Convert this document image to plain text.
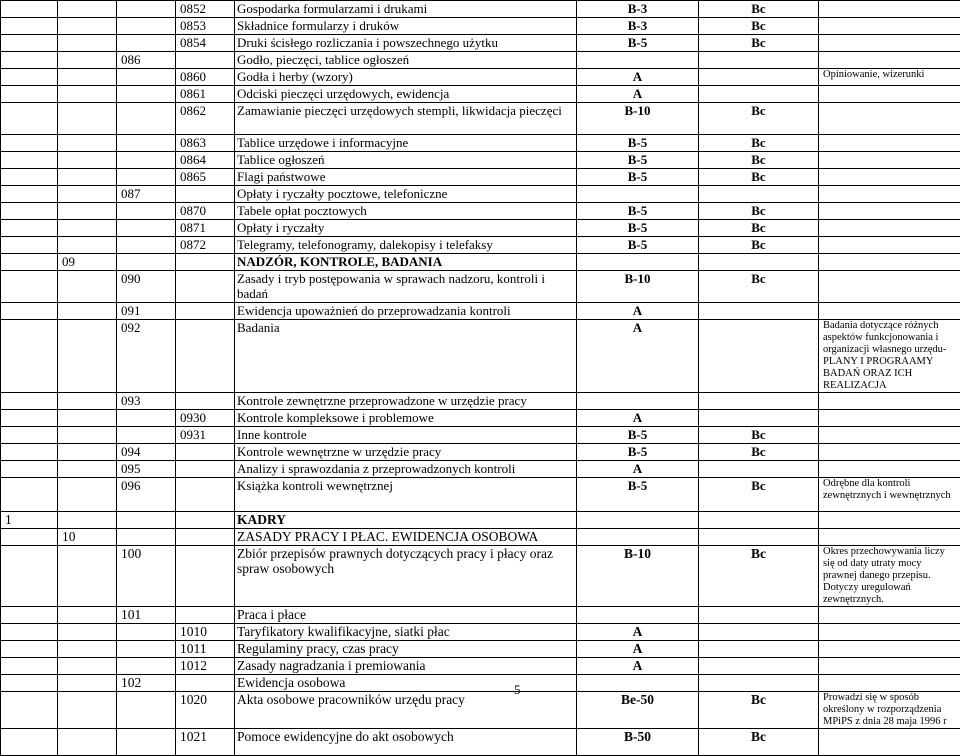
			0852	Gospodarka formularzami i drukami	B-3	Bc	
			0853	Składnice formularzy i druków	B-3	Bc	
			0854	Druki ścisłego rozliczania i powszechnego użytku	B-5	Bc	
		086		Godło, pieczęci, tablice ogłoszeń			
			0860	Godła i herby (wzory)	A		Opiniowanie, wizerunki
			0861	Odciski pieczęci urzędowych, ewidencja	A		
			0862	Zamawianie pieczęci urzędowych stempli, likwidacja pieczęci	B-10	Bc	
			0863	Tablice urzędowe i informacyjne	B-5	Bc	
			0864	Tablice ogłoszeń	B-5	Bc	
			0865	Flagi państwowe	B-5	Bc	
		087		Opłaty i ryczałty pocztowe, telefoniczne			
			0870	Tabele opłat pocztowych	B-5	Bc	
			0871	Opłaty i ryczałty	B-5	Bc	
			0872	Telegramy, telefonogramy, dalekopisy i telefaksy	B-5	Bc	
	09			NADZÓR, KONTROLE, BADANIA			
		090		Zasady i tryb postępowania w sprawach nadzoru, kontroli i badań	B-10	Bc	
		091		Ewidencja upoważnień do przeprowadzania kontroli	A		
		092		Badania	A		Badania dotyczące różnych aspektów funkcjonowania i organizacji własnego urzędu- PLANY I PROGRAAMY BADAŃ ORAZ ICH REALIZACJA
		093		Kontrole zewnętrzne przeprowadzone w urzędzie pracy			
			0930	Kontrole kompleksowe i problemowe	A		
			0931	Inne kontrole	B-5	Bc	
		094		Kontrole wewnętrzne w urzędzie pracy	B-5	Bc	
		095		Analizy i sprawozdania z przeprowadzonych kontroli	A		
		096		Książka kontroli wewnętrznej	B-5	Bc	Odrębne dla kontroli zewnętrznych i wewnętrznych
1				KADRY			
	10			ZASADY PRACY I PŁAC. EWIDENCJA OSOBOWA			
		100		Zbiór przepisów prawnych dotyczących pracy i płacy oraz spraw osobowych	B-10	Bc	Okres przechowywania liczy się od daty utraty mocy prawnej danego przepisu. Dotyczy uregulowań zewnętrznych.
		101		Praca i płace			
			1010	Taryfikatory kwalifikacyjne, siatki płac	A		
			1011	Regulaminy pracy, czas pracy	A		
			1012	Zasady nagradzania i premiowania	A		
		102		Ewidencja osobowa			
			1020	Akta osobowe pracowników urzędu pracy	Be-50	Bc	Prowadzi się w sposób określony w rozporządzenia MPiPS z dnia 28 maja 1996 r
			1021	Pomoce ewidencyjne do akt osobowych	B-50	Bc	
5
